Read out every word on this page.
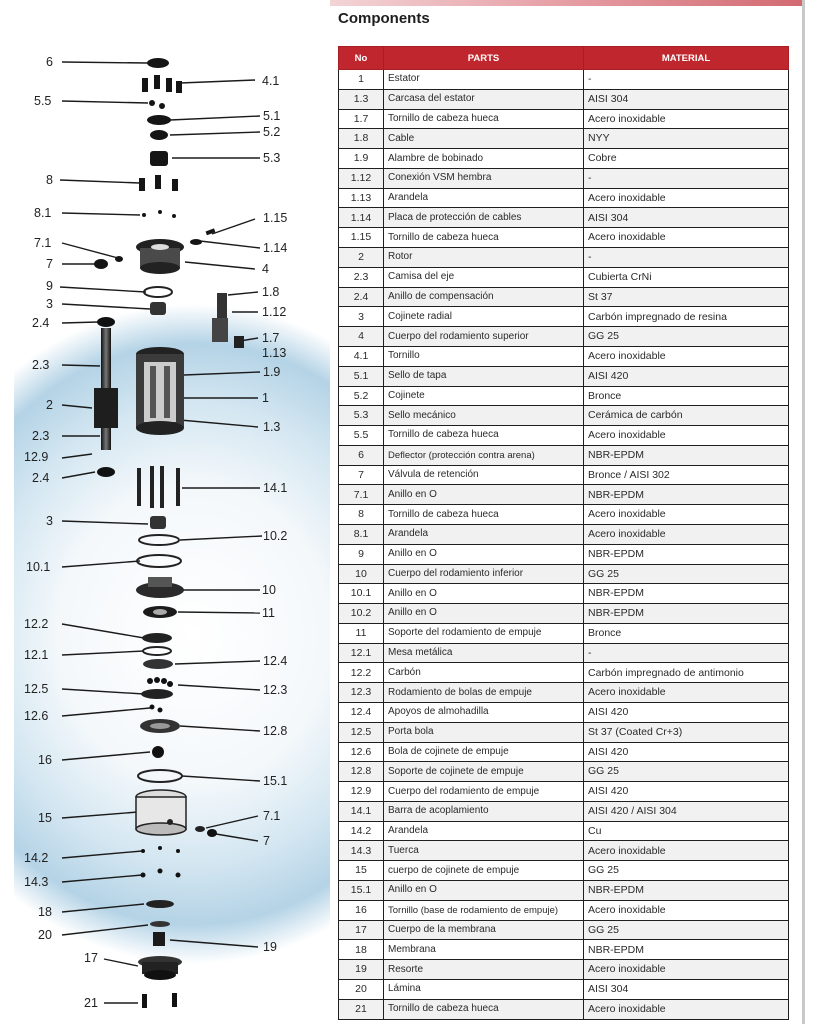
Components
6
4.1
5.5
5.1
5.2
5.3
8
8.1	1.15
7.1	1.14
7	4
9	1.8
3
1.12
2.4
1.7
1.13
2.3	1.9
1
2
2.3
1.3
12.9
2.4
14.1
3
10.2
10.1
10
11
12.2
12.1	12.4
12.5	12.3
12.6
12.8
16
15.1
15	7.1
7
14.2
14.3
18
20
19
17
21
No	PARTS	MATERIAL
1	Estator	-
1.3	Carcasa del estator	AISI 304
1.7	Tornillo de cabeza hueca	Acero inoxidable
1.8	Cable	NYY
1.9	Alambre de bobinado	Cobre
1.12	Conexión VSM hembra	-
1.13	Arandela	Acero inoxidable
1.14	Placa de protección de cables	AISI 304
1.15	Tornillo de cabeza hueca	Acero inoxidable
2	Rotor	-
2.3	Camisa del eje	Cubierta CrNi
2.4	Anillo de compensación	St 37
3	Cojinete radial	Carbón impregnado de resina
4	Cuerpo del rodamiento superior	GG 25
4.1	Tornillo	Acero inoxidable
5.1	Sello de tapa	AISI 420
5.2	Cojinete	Bronce
5.3	Sello mecánico	Cerámica de carbón
5.5	Tornillo de cabeza hueca	Acero inoxidable
6	Deflector (protección contra arena)	NBR-EPDM
7	Válvula de retención	Bronce / AISI 302
7.1	Anillo en O	NBR-EPDM
8	Tornillo de cabeza hueca	Acero inoxidable
8.1	Arandela	Acero inoxidable
9	Anillo en O	NBR-EPDM
10	Cuerpo del rodamiento inferior	GG 25
10.1	Anillo en O	NBR-EPDM
10.2	Anillo en O	NBR-EPDM
11	Soporte del rodamiento de empuje	Bronce
12.1	Mesa metálica	-
12.2	Carbón	Carbón impregnado de antimonio
12.3	Rodamiento de bolas de empuje	Acero inoxidable
12.4	Apoyos de almohadilla	AISI 420
12.5	Porta bola	St 37 (Coated Cr+3)
12.6	Bola de cojinete de empuje	AISI 420
12.8	Soporte de cojinete de empuje	GG 25
12.9	Cuerpo del rodamiento de empuje	AISI 420
14.1	Barra de acoplamiento	AISI 420 / AISI 304
14.2	Arandela	Cu
14.3	Tuerca	Acero inoxidable
15	cuerpo de cojinete de empuje	GG 25
15.1	Anillo en O	NBR-EPDM
16	Tornillo (base de rodamiento de empuje)	Acero inoxidable
17	Cuerpo de la membrana	GG 25
18	Membrana	NBR-EPDM
19	Resorte	Acero inoxidable
20	Lámina	AISI 304
21	Tornillo de cabeza hueca	Acero inoxidable
